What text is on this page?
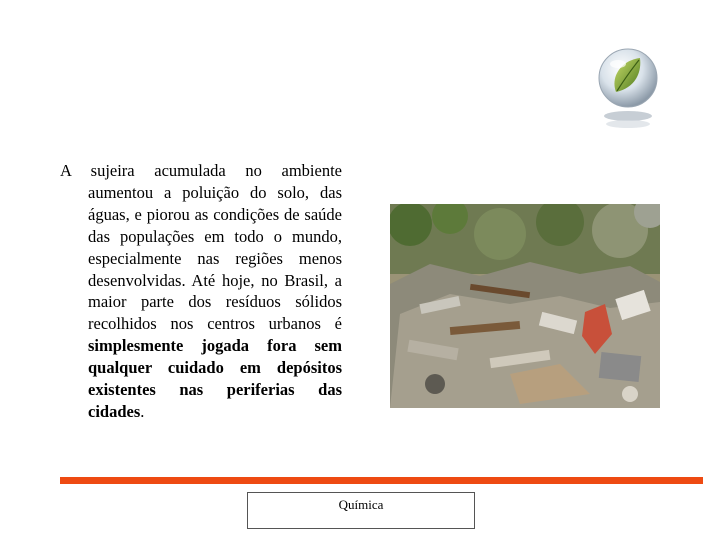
A sujeira acumulada no ambiente aumentou a poluição do solo, das águas, e piorou as condições de saúde das populações em todo o mundo, especialmente nas regiões menos desenvolvidas. Até hoje, no Brasil, a maior parte dos resíduos sólidos recolhidos nos centros urbanos é simplesmente jogada fora sem qualquer cuidado em depósitos existentes nas periferias das cidades.

Química
